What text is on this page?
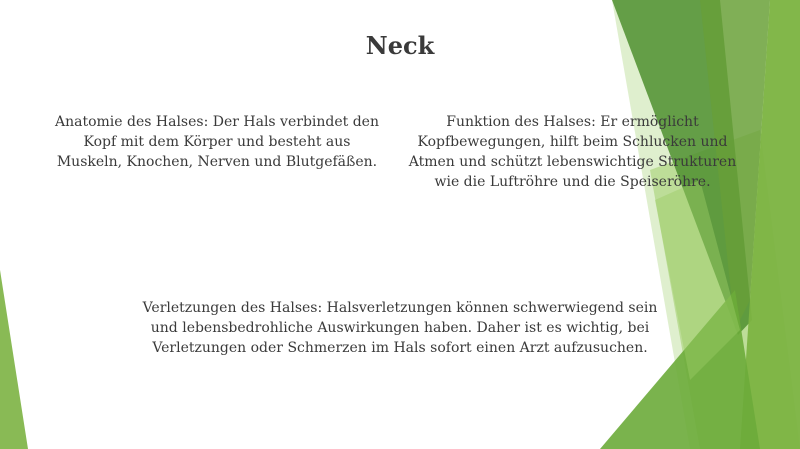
Neck

Anatomie des Halses: Der Hals verbindet den Kopf mit dem Körper und besteht aus Muskeln, Knochen, Nerven und Blutgefäßen.

Funktion des Halses: Er ermöglicht Kopfbewegungen, hilft beim Schlucken und Atmen und schützt lebenswichtige Strukturen wie die Luftröhre und die Speiseröhre.

Verletzungen des Halses: Halsverletzungen können schwerwiegend sein und lebensbedrohliche Auswirkungen haben. Daher ist es wichtig, bei Verletzungen oder Schmerzen im Hals sofort einen Arzt aufzusuchen.
